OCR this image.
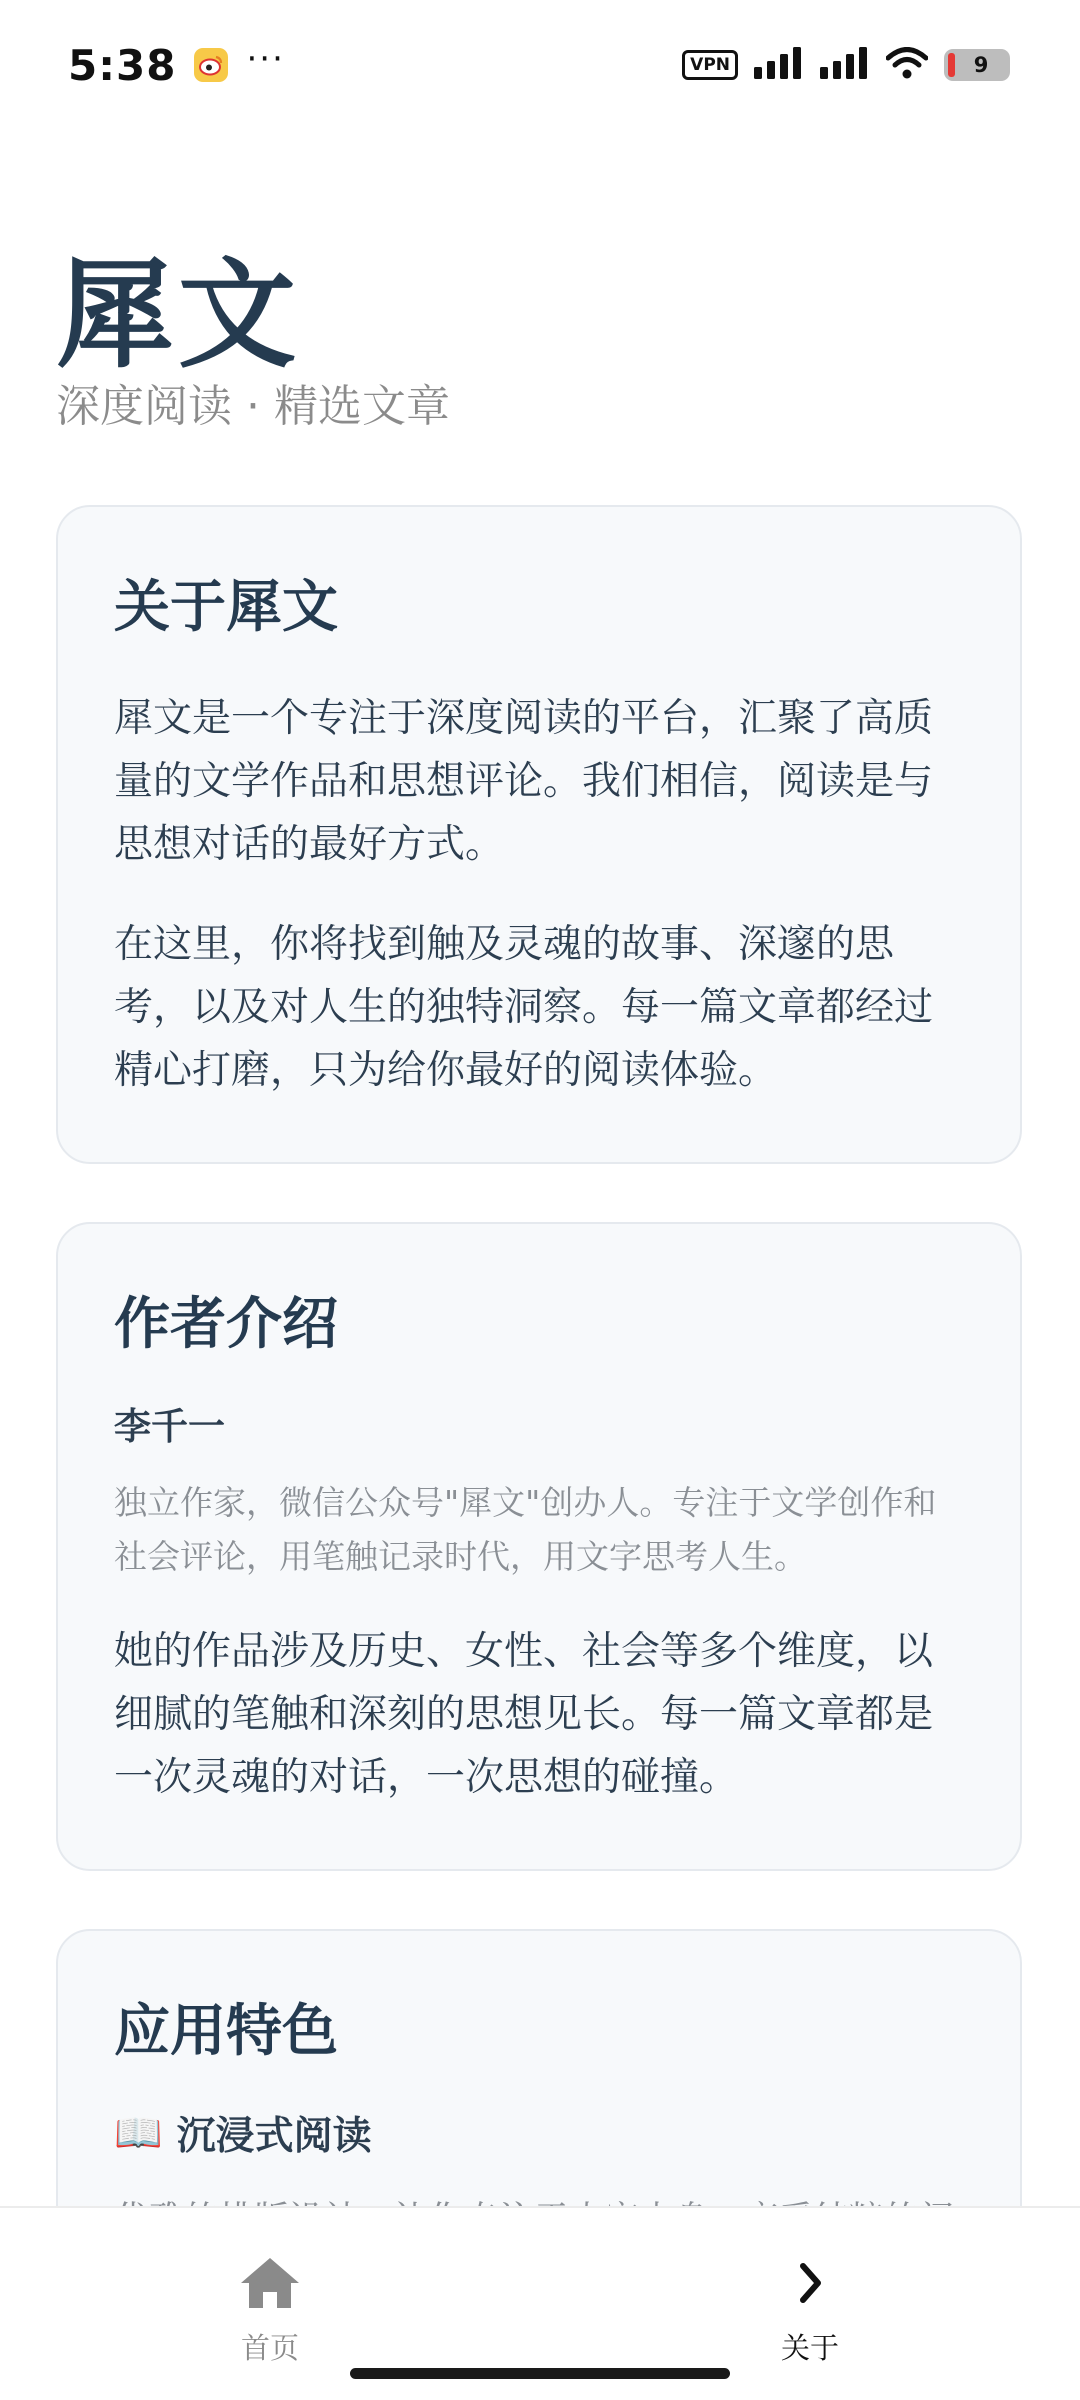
5:38 ···	VPN	9
犀文
深度阅读 · 精选文章
关于犀文

犀文是一个专注于深度阅读的平台，汇聚了高质量的文学作品和思想评论。我们相信，阅读是与思想对话的最好方式。

在这里，你将找到触及灵魂的故事、深邃的思考，以及对人生的独特洞察。每一篇文章都经过精心打磨，只为给你最好的阅读体验。

作者介绍
李千一
独立作家，微信公众号"犀文"创办人。专注于文学创作和社会评论，用笔触记录时代，用文字思考人生。

她的作品涉及历史、女性、社会等多个维度，以细腻的笔触和深刻的思想见长。每一篇文章都是一次灵魂的对话，一次思想的碰撞。

应用特色
📖 沉浸式阅读
首页	关于
